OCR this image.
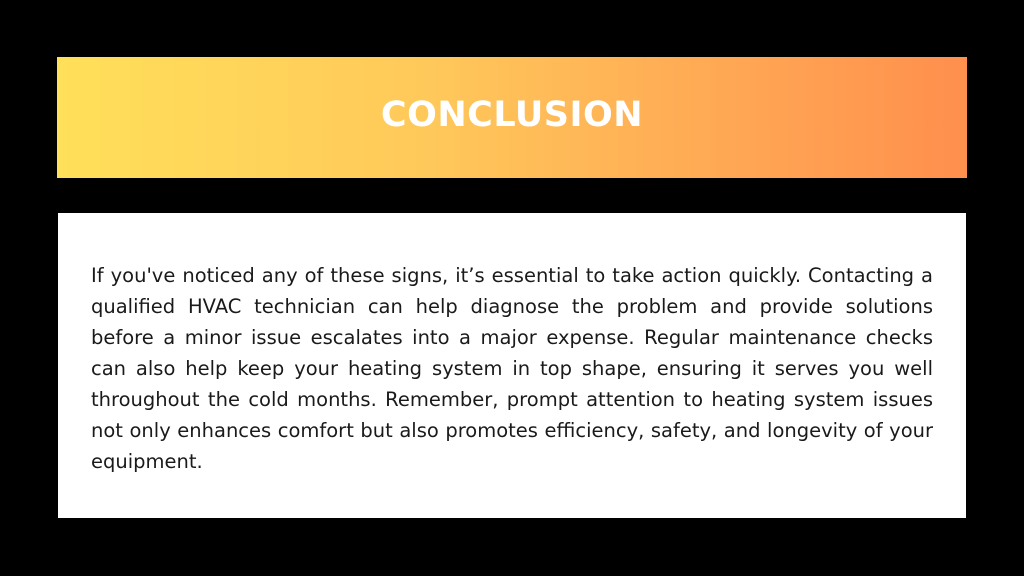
CONCLUSION

If you've noticed any of these signs, it’s essential to take action quickly. Contacting a qualified HVAC technician can help diagnose the problem and provide solutions before a minor issue escalates into a major expense. Regular maintenance checks can also help keep your heating system in top shape, ensuring it serves you well throughout the cold months. Remember, prompt attention to heating system issues not only enhances comfort but also promotes efficiency, safety, and longevity of your equipment.
